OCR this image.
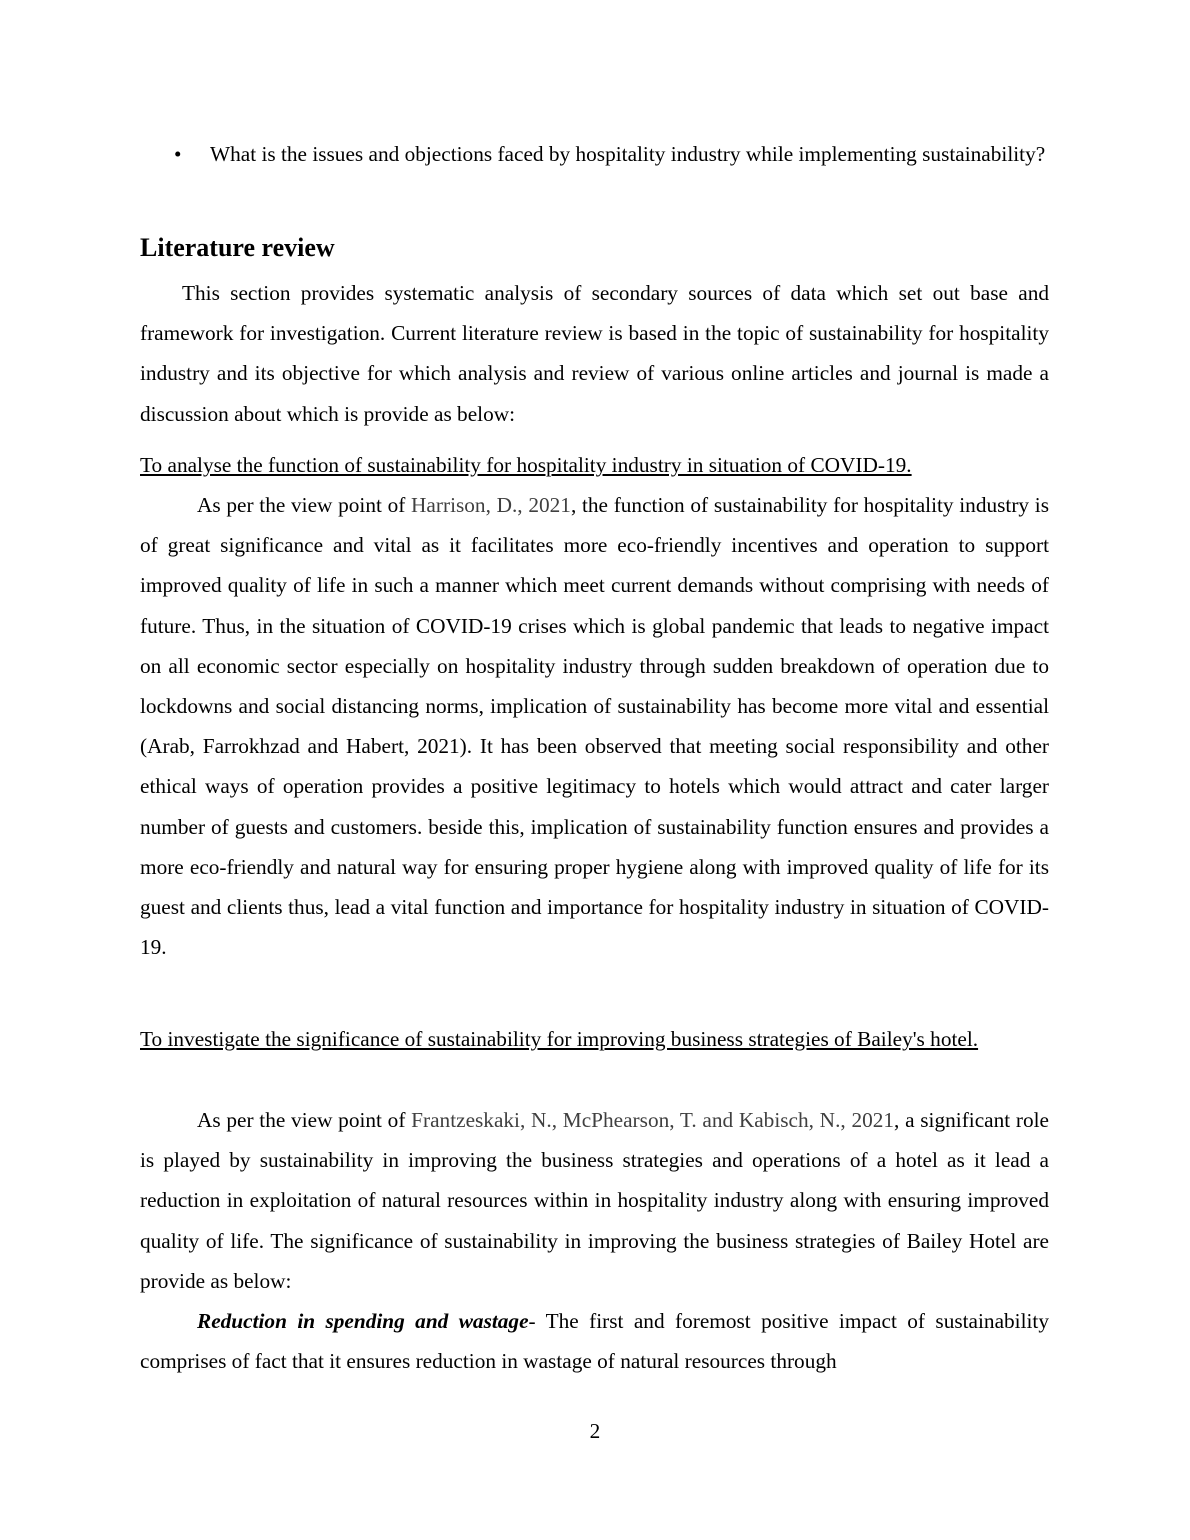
• What is the issues and objections faced by hospitality industry while implementing sustainability?

Literature review

This section provides systematic analysis of secondary sources of data which set out base and framework for investigation. Current literature review is based in the topic of sustainability for hospitality industry and its objective for which analysis and review of various online articles and journal is made a discussion about which is provide as below:

To analyse the function of sustainability for hospitality industry in situation of COVID-19.

As per the view point of Harrison, D., 2021, the function of sustainability for hospitality industry is of great significance and vital as it facilitates more eco-friendly incentives and operation to support improved quality of life in such a manner which meet current demands without comprising with needs of future. Thus, in the situation of COVID-19 crises which is global pandemic that leads to negative impact on all economic sector especially on hospitality industry through sudden breakdown of operation due to lockdowns and social distancing norms, implication of sustainability has become more vital and essential (Arab, Farrokhzad and Habert, 2021). It has been observed that meeting social responsibility and other ethical ways of operation provides a positive legitimacy to hotels which would attract and cater larger number of guests and customers. beside this, implication of sustainability function ensures and provides a more eco-friendly and natural way for ensuring proper hygiene along with improved quality of life for its guest and clients thus, lead a vital function and importance for hospitality industry in situation of COVID-19.

To investigate the significance of sustainability for improving business strategies of Bailey's hotel.

As per the view point of Frantzeskaki, N., McPhearson, T. and Kabisch, N., 2021, a significant role is played by sustainability in improving the business strategies and operations of a hotel as it lead a reduction in exploitation of natural resources within in hospitality industry along with ensuring improved quality of life. The significance of sustainability in improving the business strategies of Bailey Hotel are provide as below:

Reduction in spending and wastage- The first and foremost positive impact of sustainability comprises of fact that it ensures reduction in wastage of natural resources through

2
